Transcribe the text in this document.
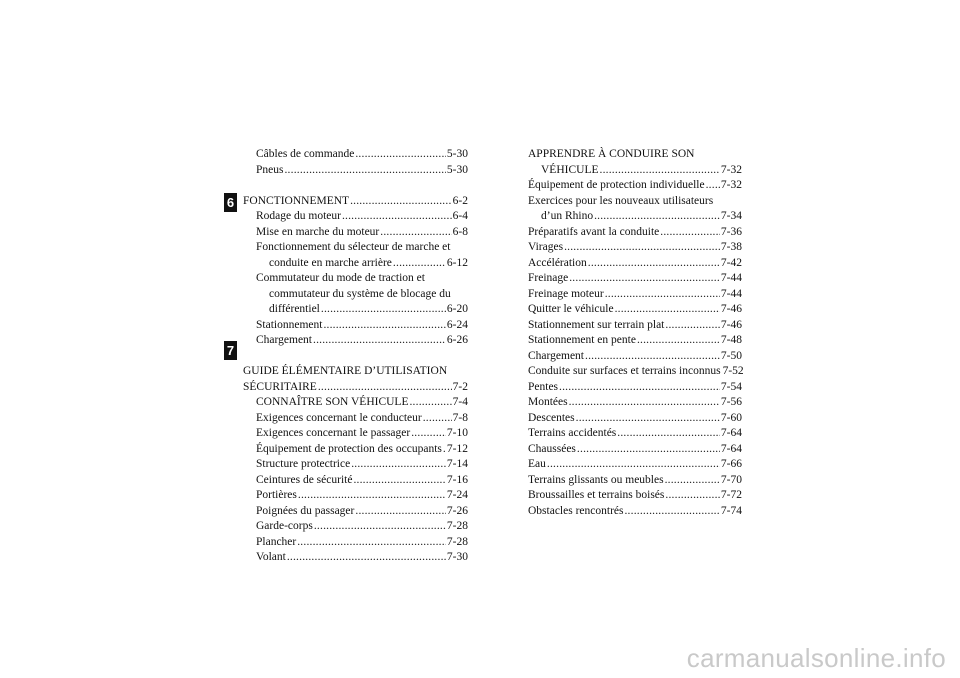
6
7
Câbles de commande .....	5-30
Pneus .....	5-30
FONCTIONNEMENT .....	6-2
Rodage du moteur .....	6-4
Mise en marche du moteur .....	6-8
Fonctionnement du sélecteur de marche et
conduite en marche arrière .....	6-12
Commutateur du mode de traction et
commutateur du système de blocage du
différentiel .....	6-20
Stationnement .....	6-24
Chargement .....	6-26
GUIDE ÉLÉMENTAIRE D’UTILISATION
SÉCURITAIRE .....	7-2
CONNAÎTRE SON VÉHICULE .....	7-4
Exigences concernant le conducteur .....	7-8
Exigences concernant le passager .....	7-10
Équipement de protection des occupants ..... 7-12
Structure protectrice .....	7-14
Ceintures de sécurité .....	7-16
Portières .....	7-24
Poignées du passager .....	7-26
Garde-corps .....	7-28
Plancher .....	7-28
Volant .....	7-30
APPRENDRE À CONDUIRE SON
VÉHICULE .....	7-32
Équipement de protection individuelle ..... 7-32
Exercices pour les nouveaux utilisateurs
d’un Rhino .....	7-34
Préparatifs avant la conduite .....	7-36
Virages .....	7-38
Accélération .....	7-42
Freinage .....	7-44
Freinage moteur .....	7-44
Quitter le véhicule .....	7-46
Stationnement sur terrain plat .....	7-46
Stationnement en pente .....	7-48
Chargement .....	7-50
Conduite sur surfaces et terrains inconnus 7-52
Pentes .....	7-54
Montées .....	7-56
Descentes .....	7-60
Terrains accidentés .....	7-64
Chaussées .....	7-64
Eau .....	7-66
Terrains glissants ou meubles .....	7-70
Broussailles et terrains boisés .....	7-72
Obstacles rencontrés .....	7-74
carmanualsonline.info
